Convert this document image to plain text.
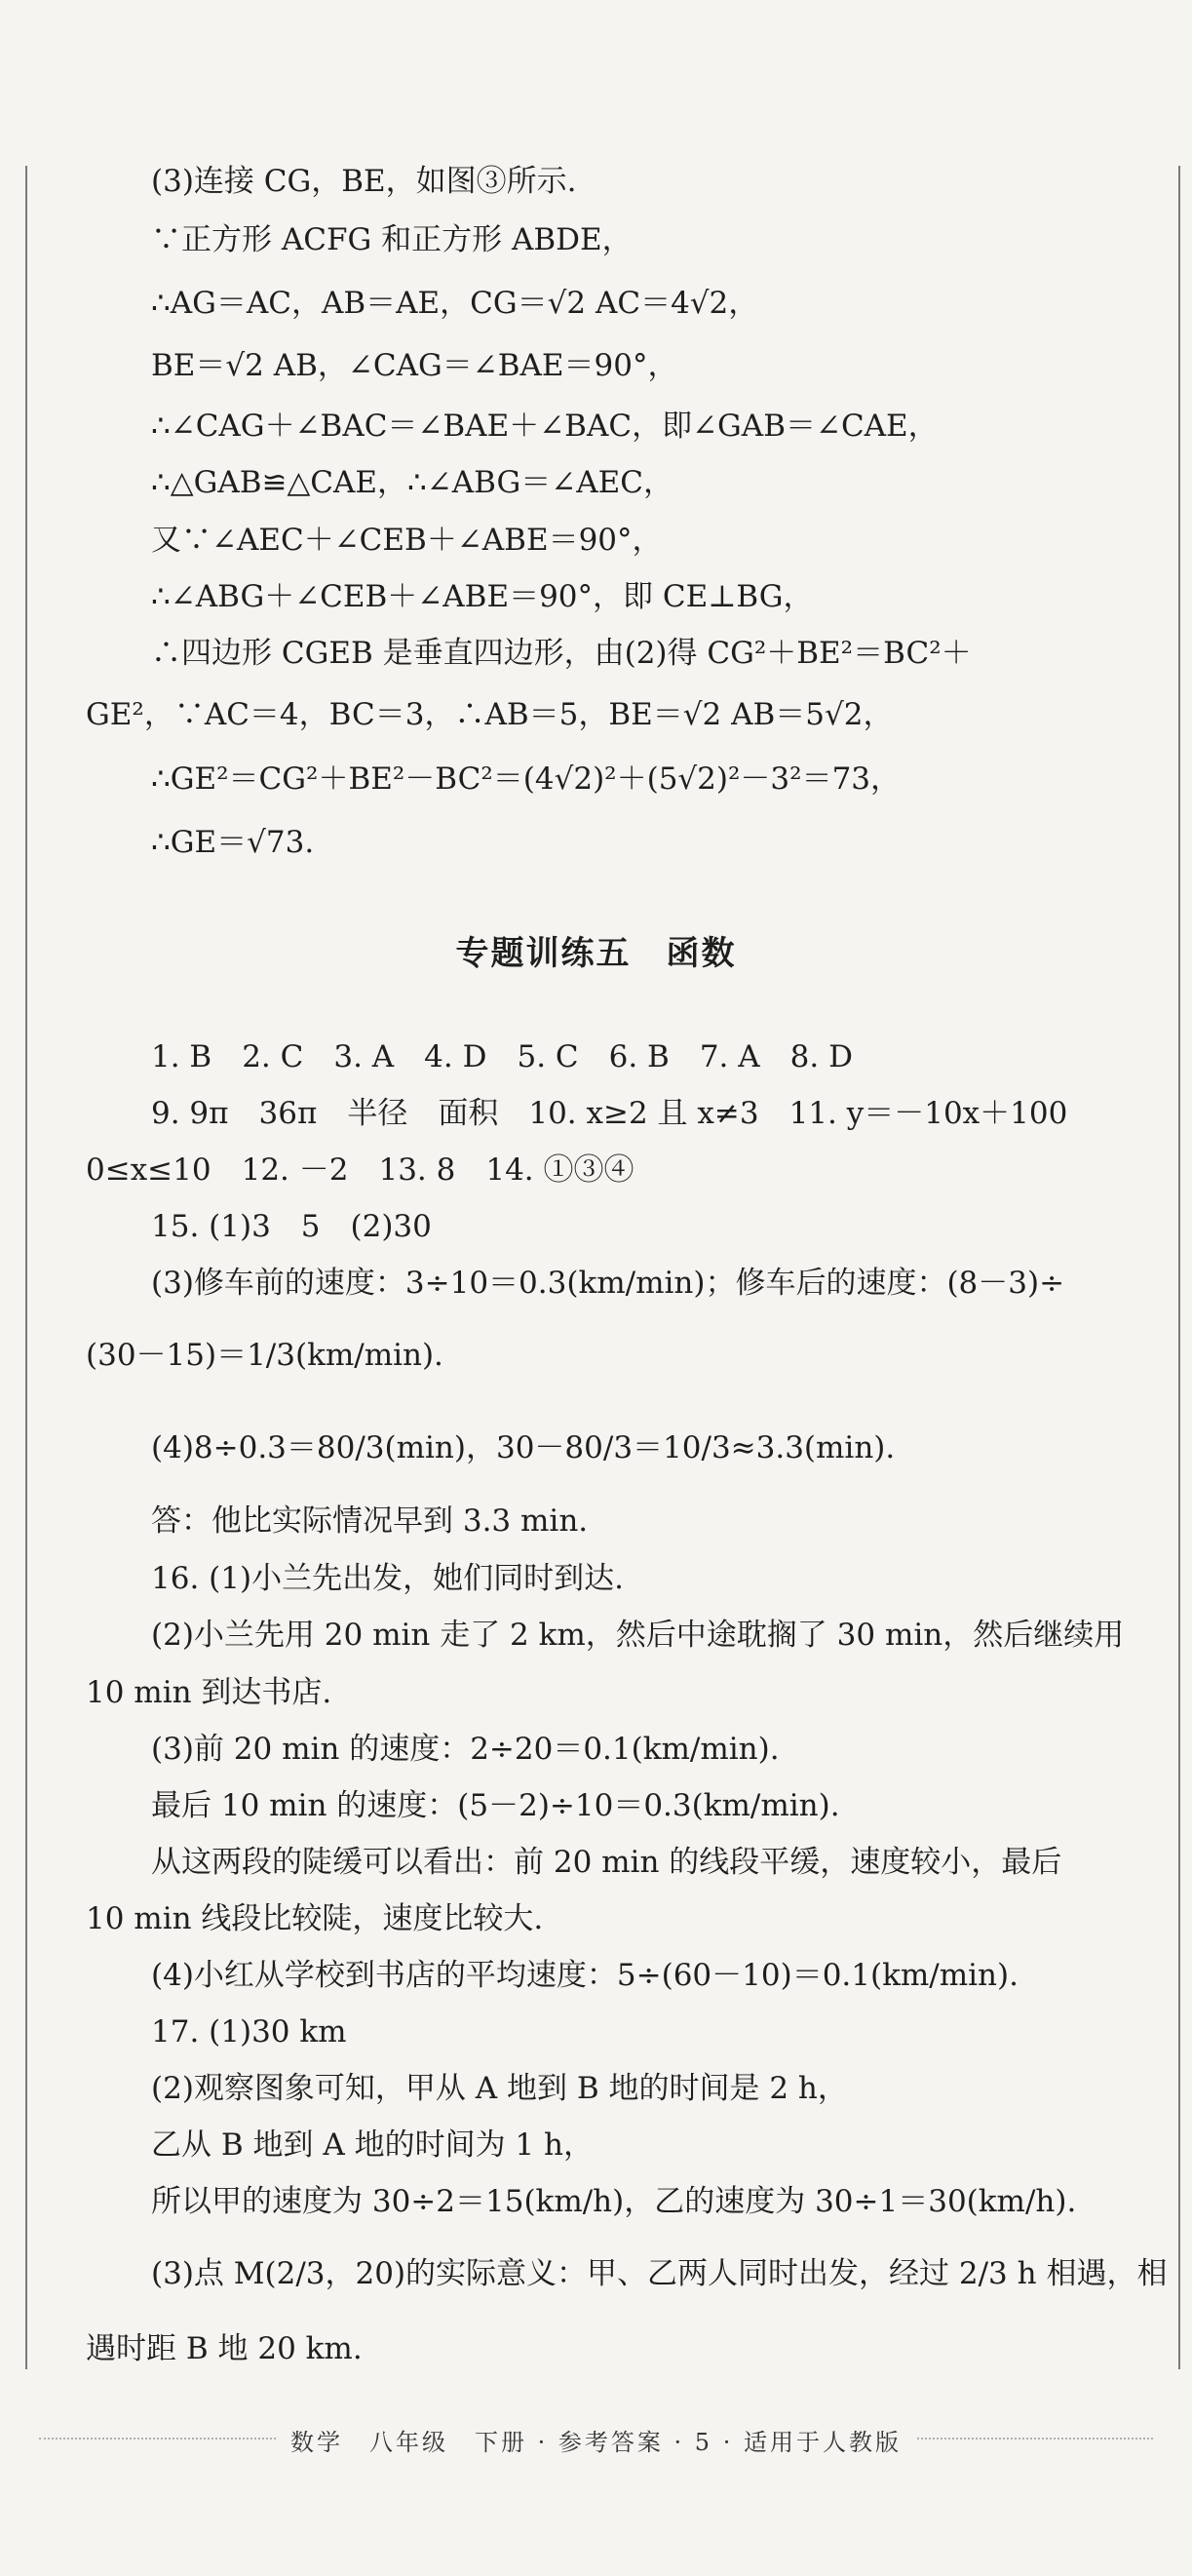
(3)连接 CG，BE，如图③所示.
∵正方形 ACFG 和正方形 ABDE，
∴AG＝AC，AB＝AE，CG＝√2 AC＝4√2，
BE＝√2 AB，∠CAG＝∠BAE＝90°，
∴∠CAG＋∠BAC＝∠BAE＋∠BAC，即∠GAB＝∠CAE，
∴△GAB≌△CAE，∴∠ABG＝∠AEC，
又∵∠AEC＋∠CEB＋∠ABE＝90°，
∴∠ABG＋∠CEB＋∠ABE＝90°，即 CE⊥BG，
∴四边形 CGEB 是垂直四边形，由(2)得 CG²＋BE²＝BC²＋
GE²，∵AC＝4，BC＝3，∴AB＝5，BE＝√2 AB＝5√2，
∴GE²＝CG²＋BE²－BC²＝(4√2)²＋(5√2)²－3²＝73，
∴GE＝√73.
专题训练五　函数
1. B　2. C　3. A　4. D　5. C　6. B　7. A　8. D
9. 9π　36π　半径　面积　10. x≥2 且 x≠3　11. y＝－10x＋100
0≤x≤10　12. －2　13. 8　14. ①③④
15. (1)3　5　(2)30
(3)修车前的速度：3÷10＝0.3(km/min)；修车后的速度：(8－3)÷
(30－15)＝1/3(km/min).
(4)8÷0.3＝80/3(min)，30－80/3＝10/3≈3.3(min).
答：他比实际情况早到 3.3 min.
16. (1)小兰先出发，她们同时到达.
(2)小兰先用 20 min 走了 2 km，然后中途耽搁了 30 min，然后继续用
10 min 到达书店.
(3)前 20 min 的速度：2÷20＝0.1(km/min).
最后 10 min 的速度：(5－2)÷10＝0.3(km/min).
从这两段的陡缓可以看出：前 20 min 的线段平缓，速度较小，最后
10 min 线段比较陡，速度比较大.
(4)小红从学校到书店的平均速度：5÷(60－10)＝0.1(km/min).
17. (1)30 km
(2)观察图象可知，甲从 A 地到 B 地的时间是 2 h，
乙从 B 地到 A 地的时间为 1 h，
所以甲的速度为 30÷2＝15(km/h)，乙的速度为 30÷1＝30(km/h).
(3)点 M(2/3，20)的实际意义：甲、乙两人同时出发，经过 2/3 h 相遇，相
遇时距 B 地 20 km.
数学　八年级　下册 · 参考答案 · 5 · 适用于人教版
